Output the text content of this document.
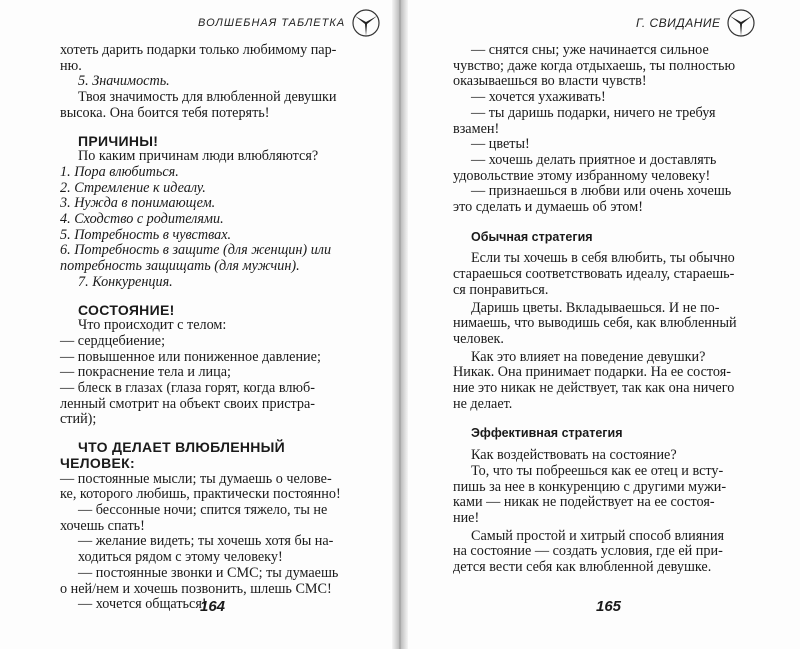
ВОЛШЕБНАЯ ТАБЛЕТКА

хотеть дарить подарки только любимому пар-

ню.

5. Значимость.

Твоя значимость для влюбленной девушки

высока. Она боится тебя потерять!

ПРИЧИНЫ!

По каким причинам люди влюбляются?

1. Пора влюбиться.

2. Стремление к идеалу.

3. Нужда в понимающем.

4. Сходство с родителями.

5. Потребность в чувствах.

6. Потребность в защите (для женщин) или

потребность защищать (для мужчин).

7. Конкуренция.

СОСТОЯНИЕ!

Что происходит с телом:

— сердцебиение;

— повышенное или пониженное давление;

— покраснение тела и лица;

— блеск в глазах (глаза горят, когда влюб-

ленный смотрит на объект своих пристра-

стий);

ЧТО ДЕЛАЕТ ВЛЮБЛЕННЫЙ ЧЕЛОВЕК:

— постоянные мысли; ты думаешь о челове-

ке, которого любишь, практически постоянно!

— бессонные ночи; спится тяжело, ты не

хочешь спать!

— желание видеть; ты хочешь хотя бы на-

ходиться рядом с этому человеку!

— постоянные звонки и СМС; ты думаешь

о ней/нем и хочешь позвонить, шлешь СМС!

— хочется общаться!

164
Г. СВИДАНИЕ

— снятся сны; уже начинается сильное

чувство; даже когда отдыхаешь, ты полностью

оказываешься во власти чувств!

— хочется ухаживать!

— ты даришь подарки, ничего не требуя

взамен!

— цветы!

— хочешь делать приятное и доставлять

удовольствие этому избранному человеку!

— признаешься в любви или очень хочешь

это сделать и думаешь об этом!

Обычная стратегия

Если ты хочешь в себя влюбить, ты обычно

стараешься соответствовать идеалу, стараешь-

ся понравиться.

Даришь цветы. Вкладываешься. И не по-

нимаешь, что выводишь себя, как влюбленный

человек.

Как это влияет на поведение девушки?

Никак. Она принимает подарки. На ее состоя-

ние это никак не действует, так как она ничего

не делает.

Эффективная стратегия

Как воздействовать на состояние?

То, что ты побреешься как ее отец и всту-

пишь за нее в конкуренцию с другими мужи-

ками — никак не подействует на ее состоя-

ние!

Самый простой и хитрый способ влияния

на состояние — создать условия, где ей при-

дется вести себя как влюбленной девушке.

165
